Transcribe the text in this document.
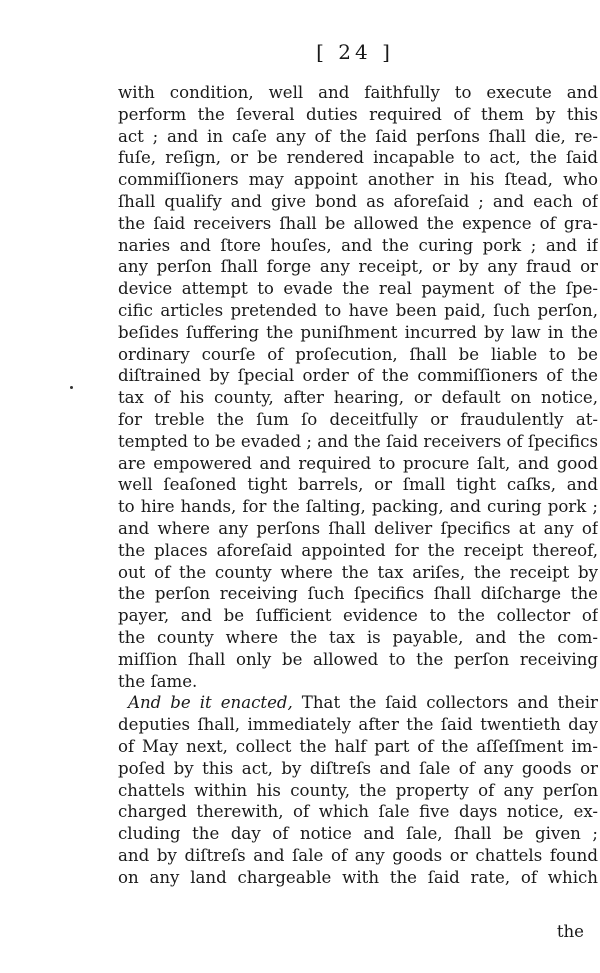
[ 24 ]
with condition, well and faithfully to execute and
perform the ſeveral duties required of them by this
act ; and in caſe any of the ſaid perſons ſhall die, re-
fuſe, reſign, or be rendered incapable to act, the ſaid
commiſſioners may appoint another in his ſtead, who
ſhall qualify and give bond as aforeſaid ; and each of
the ſaid receivers ſhall be allowed the expence of gra-
naries and ſtore houſes, and the curing pork ; and if
any perſon ſhall forge any receipt, or by any fraud or
device attempt to evade the real payment of the ſpe-
cific articles pretended to have been paid, ſuch perſon,
beſides ſuffering the puniſhment incurred by law in the
ordinary courſe of proſecution, ſhall be liable to be
diſtrained by ſpecial order of the commiſſioners of the
tax of his county, after hearing, or default on notice,
for treble the ſum ſo deceitfully or fraudulently at-
tempted to be evaded ; and the ſaid receivers of ſpecifics
are empowered and required to procure ſalt, and good
well ſeaſoned tight barrels, or ſmall tight caſks, and
to hire hands, for the ſalting, packing, and curing pork ;
and where any perſons ſhall deliver ſpecifics at any of
the places aforeſaid appointed for the receipt thereof,
out of the county where the tax ariſes, the receipt by
the perſon receiving ſuch ſpecifics ſhall diſcharge the
payer, and be ſufficient evidence to the collector of
the county where the tax is payable, and the com-
miſſion ſhall only be allowed to the perſon receiving
the ſame.
And be it enacted, That the ſaid collectors and their
deputies ſhall, immediately after the ſaid twentieth day
of May next, collect the half part of the aſſeſſment im-
poſed by this act, by diſtreſs and ſale of any goods or
chattels within his county, the property of any perſon
charged therewith, of which ſale five days notice, ex-
cluding the day of notice and ſale, ſhall be given ;
and by diſtreſs and ſale of any goods or chattels found
on any land chargeable with the ſaid rate, of which
the
